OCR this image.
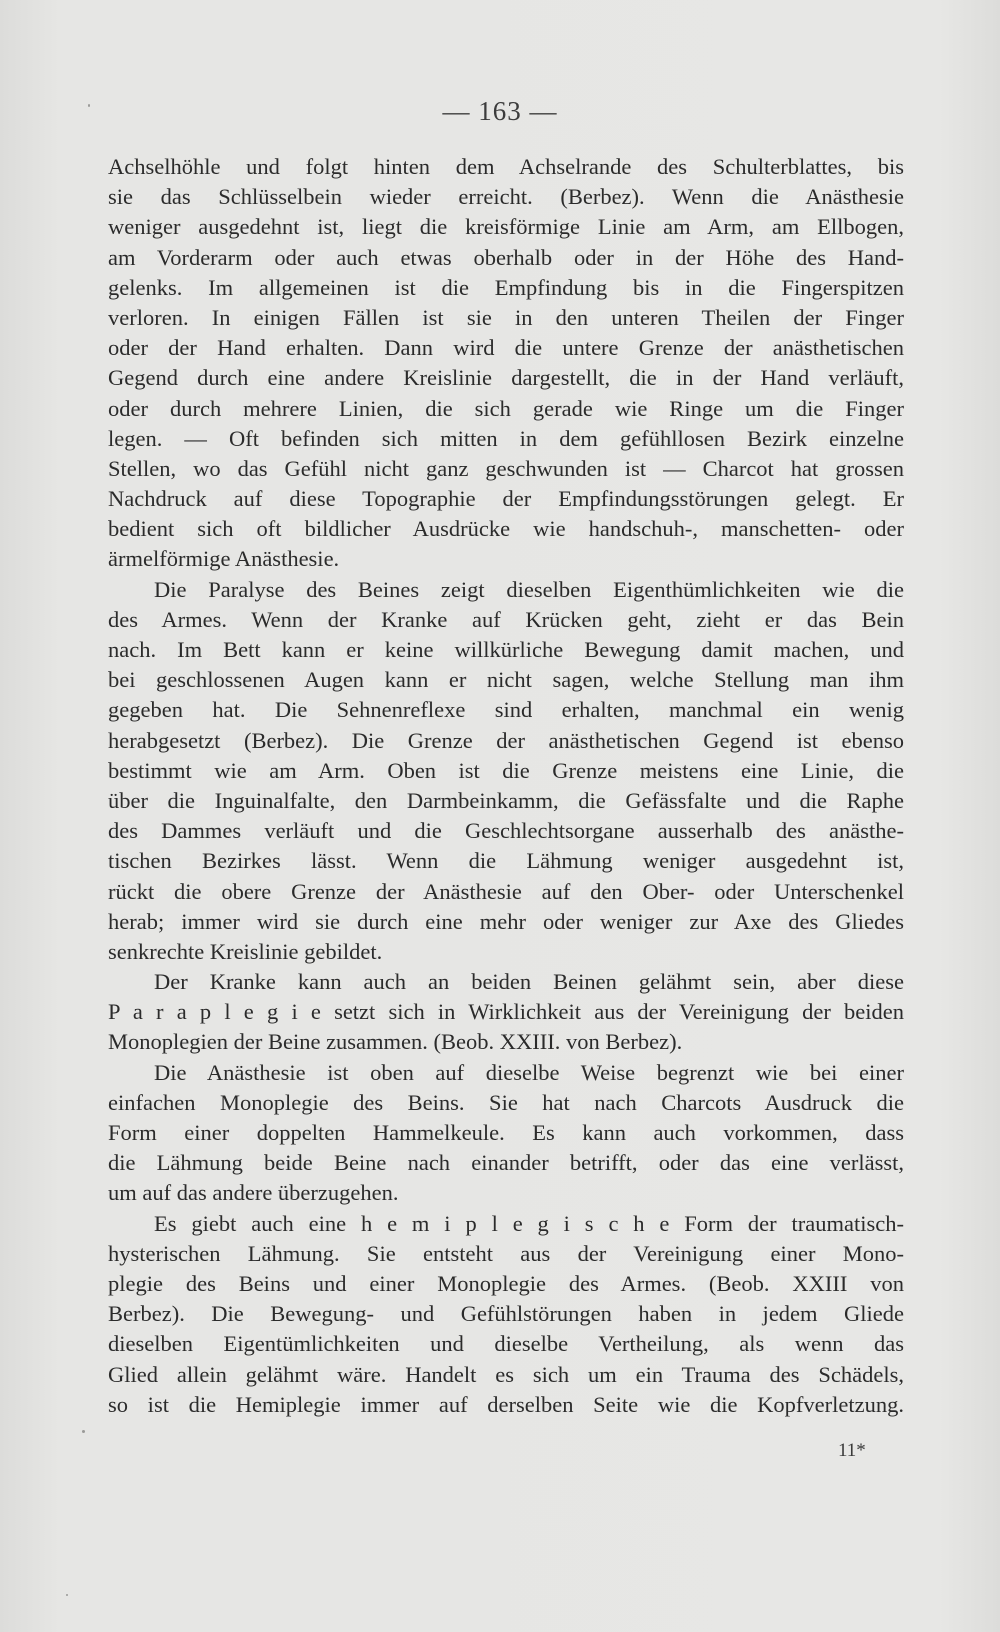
— 163 —
Achselhöhle und folgt hinten dem Achselrande des Schulterblattes, bis
sie das Schlüsselbein wieder erreicht. (Berbez). Wenn die Anästhesie
weniger ausgedehnt ist, liegt die kreisförmige Linie am Arm, am Ellbogen,
am Vorderarm oder auch etwas oberhalb oder in der Höhe des Hand-
gelenks. Im allgemeinen ist die Empfindung bis in die Fingerspitzen
verloren. In einigen Fällen ist sie in den unteren Theilen der Finger
oder der Hand erhalten. Dann wird die untere Grenze der anästhetischen
Gegend durch eine andere Kreislinie dargestellt, die in der Hand verläuft,
oder durch mehrere Linien, die sich gerade wie Ringe um die Finger
legen. — Oft befinden sich mitten in dem gefühllosen Bezirk einzelne
Stellen, wo das Gefühl nicht ganz geschwunden ist — Charcot hat grossen
Nachdruck auf diese Topographie der Empfindungsstörungen gelegt. Er
bedient sich oft bildlicher Ausdrücke wie handschuh-, manschetten- oder
ärmelförmige Anästhesie.
Die Paralyse des Beines zeigt dieselben Eigenthümlichkeiten wie die
des Armes. Wenn der Kranke auf Krücken geht, zieht er das Bein
nach. Im Bett kann er keine willkürliche Bewegung damit machen, und
bei geschlossenen Augen kann er nicht sagen, welche Stellung man ihm
gegeben hat. Die Sehnenreflexe sind erhalten, manchmal ein wenig
herabgesetzt (Berbez). Die Grenze der anästhetischen Gegend ist ebenso
bestimmt wie am Arm. Oben ist die Grenze meistens eine Linie, die
über die Inguinalfalte, den Darmbeinkamm, die Gefässfalte und die Raphe
des Dammes verläuft und die Geschlechtsorgane ausserhalb des anästhe-
tischen Bezirkes lässt. Wenn die Lähmung weniger ausgedehnt ist,
rückt die obere Grenze der Anästhesie auf den Ober- oder Unterschenkel
herab; immer wird sie durch eine mehr oder weniger zur Axe des Gliedes
senkrechte Kreislinie gebildet.
Der Kranke kann auch an beiden Beinen gelähmt sein, aber diese
P a r a p l e g i e setzt sich in Wirklichkeit aus der Vereinigung der beiden
Monoplegien der Beine zusammen. (Beob. XXIII. von Berbez).
Die Anästhesie ist oben auf dieselbe Weise begrenzt wie bei einer
einfachen Monoplegie des Beins. Sie hat nach Charcots Ausdruck die
Form einer doppelten Hammelkeule. Es kann auch vorkommen, dass
die Lähmung beide Beine nach einander betrifft, oder das eine verlässt,
um auf das andere überzugehen.
Es giebt auch eine h e m i p l e g i s c h e Form der traumatisch-
hysterischen Lähmung. Sie entsteht aus der Vereinigung einer Mono-
plegie des Beins und einer Monoplegie des Armes. (Beob. XXIII von
Berbez). Die Bewegung- und Gefühlstörungen haben in jedem Gliede
dieselben Eigentümlichkeiten und dieselbe Vertheilung, als wenn das
Glied allein gelähmt wäre. Handelt es sich um ein Trauma des Schädels,
so ist die Hemiplegie immer auf derselben Seite wie die Kopfverletzung.
11*
